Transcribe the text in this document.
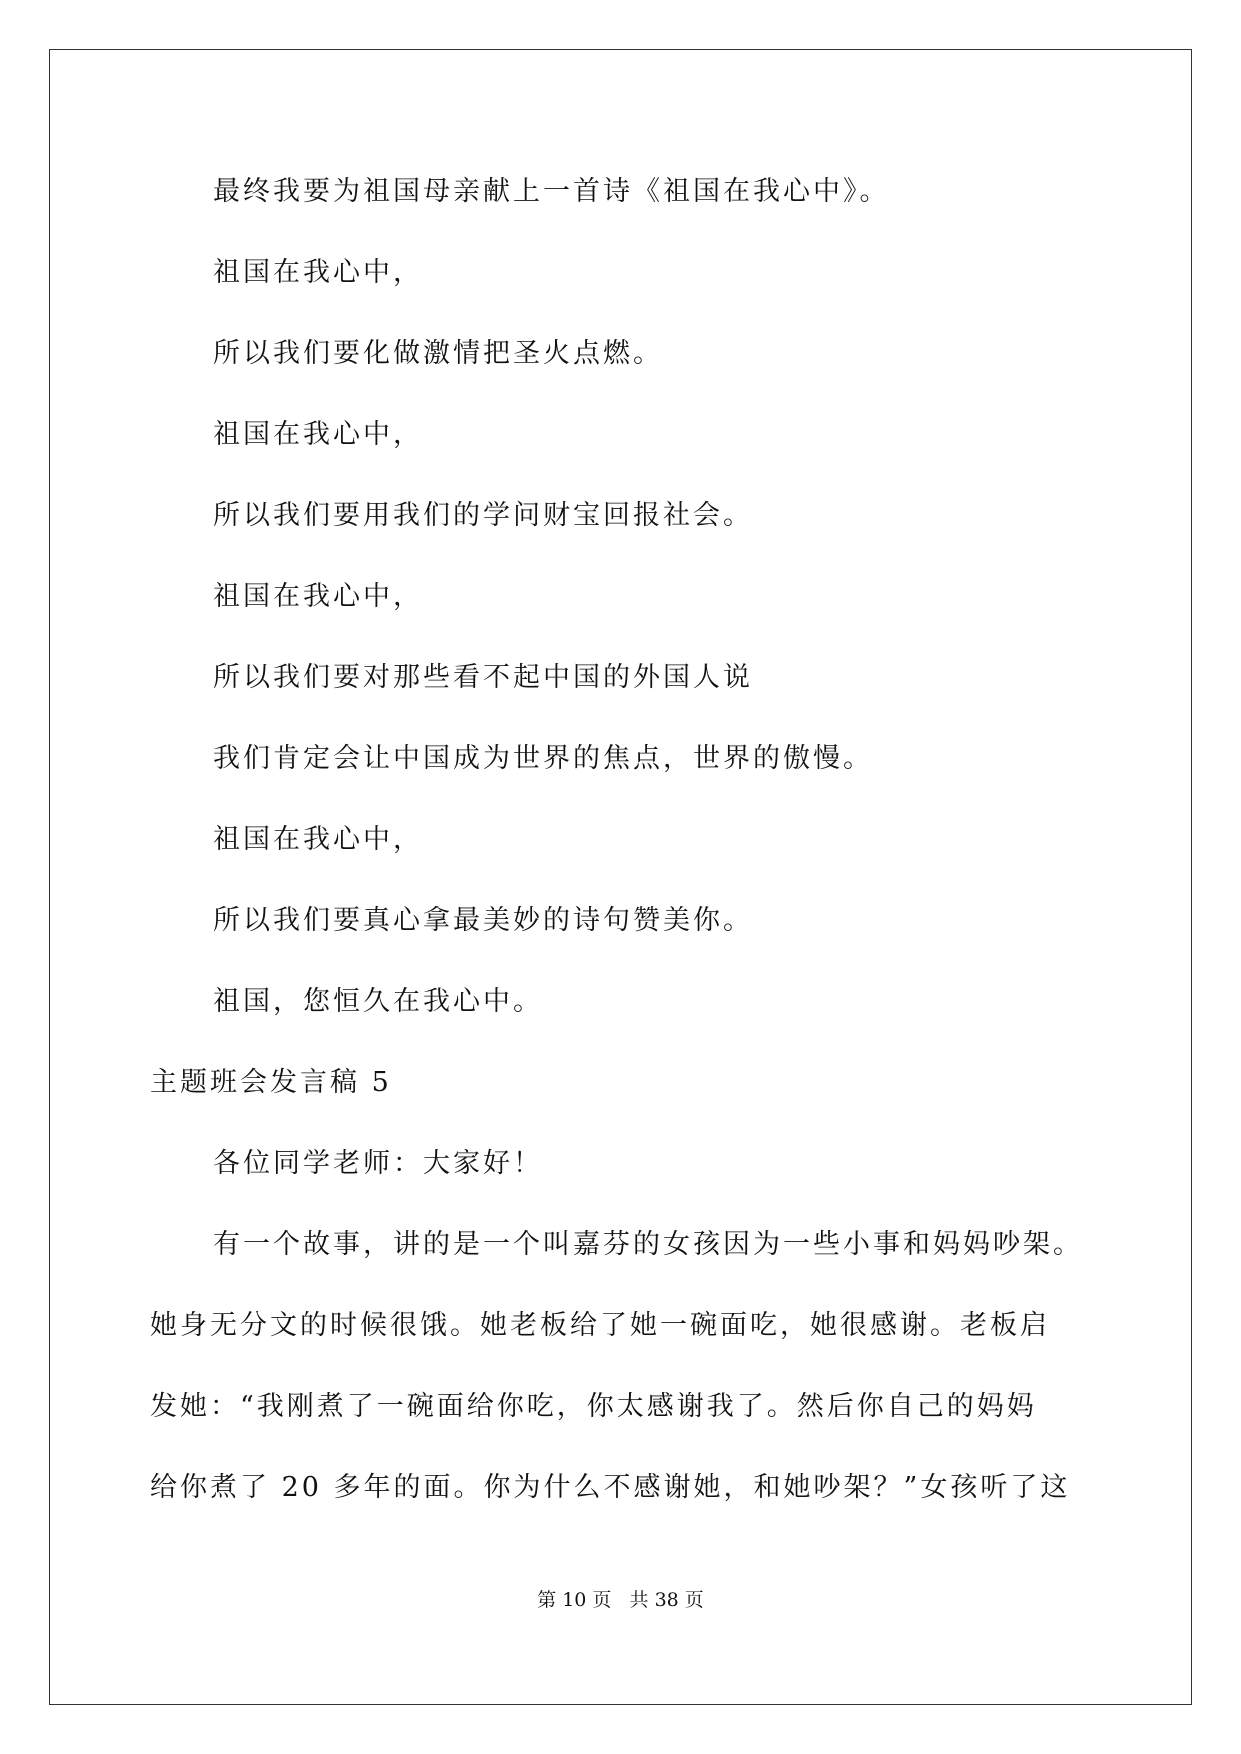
最终我要为祖国母亲献上一首诗《祖国在我心中》。
祖国在我心中，
所以我们要化做激情把圣火点燃。
祖国在我心中，
所以我们要用我们的学问财宝回报社会。
祖国在我心中，
所以我们要对那些看不起中国的外国人说
我们肯定会让中国成为世界的焦点，世界的傲慢。
祖国在我心中，
所以我们要真心拿最美妙的诗句赞美你。
祖国，您恒久在我心中。
主题班会发言稿 5
各位同学老师：大家好！
有一个故事，讲的是一个叫嘉芬的女孩因为一些小事和妈妈吵架。
她身无分文的时候很饿。她老板给了她一碗面吃，她很感谢。老板启
发她：“我刚煮了一碗面给你吃，你太感谢我了。然后你自己的妈妈
给你煮了 20 多年的面。你为什么不感谢她，和她吵架？”女孩听了这
第 10 页   共 38 页
